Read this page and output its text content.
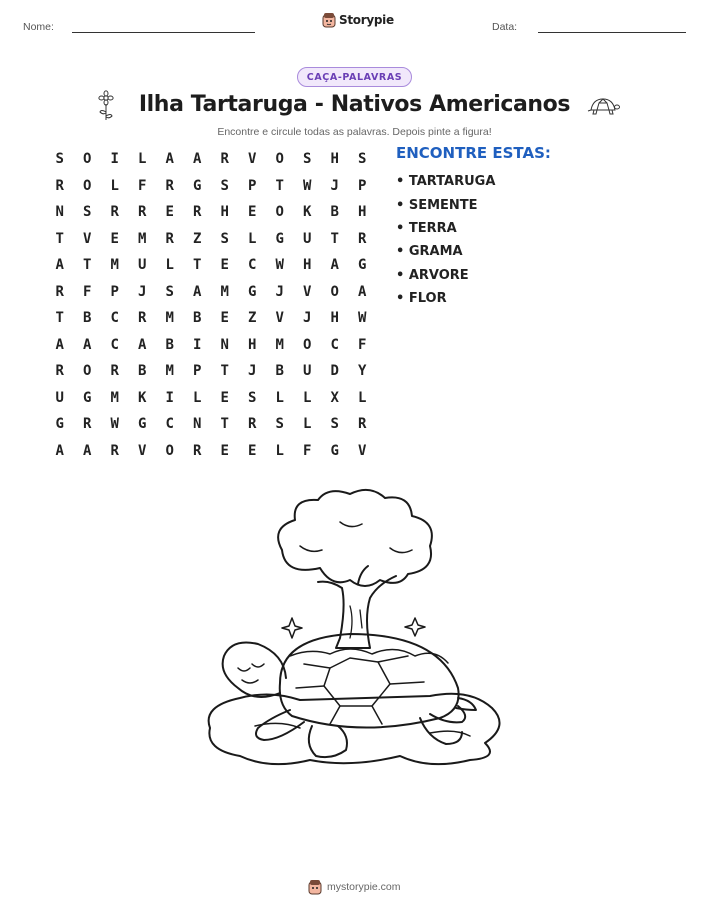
Nome:	Storypie	Data:
CAÇA-PALAVRAS
Ilha Tartaruga - Nativos Americanos
Encontre e circule todas as palavras. Depois pinte a figura!
S	O	I	L	A	A	R	V	O	S	H	S
R	O	L	F	R	G	S	P	T	W	J	P
N	S	R	R	E	R	H	E	O	K	B	H
T	V	E	M	R	Z	S	L	G	U	T	R
A	T	M	U	L	T	E	C	W	H	A	G
R	F	P	J	S	A	M	G	J	V	O	A
T	B	C	R	M	B	E	Z	V	J	H	W
A	A	C	A	B	I	N	H	M	O	C	F
R	O	R	B	M	P	T	J	B	U	D	Y
U	G	M	K	I	L	E	S	L	L	X	L
G	R	W	G	C	N	T	R	S	L	S	R
A	A	R	V	O	R	E	E	L	F	G	V
ENCONTRE ESTAS:
• TARTARUGA
• SEMENTE
• TERRA
• GRAMA
• ARVORE
• FLOR
mystorypie.com
